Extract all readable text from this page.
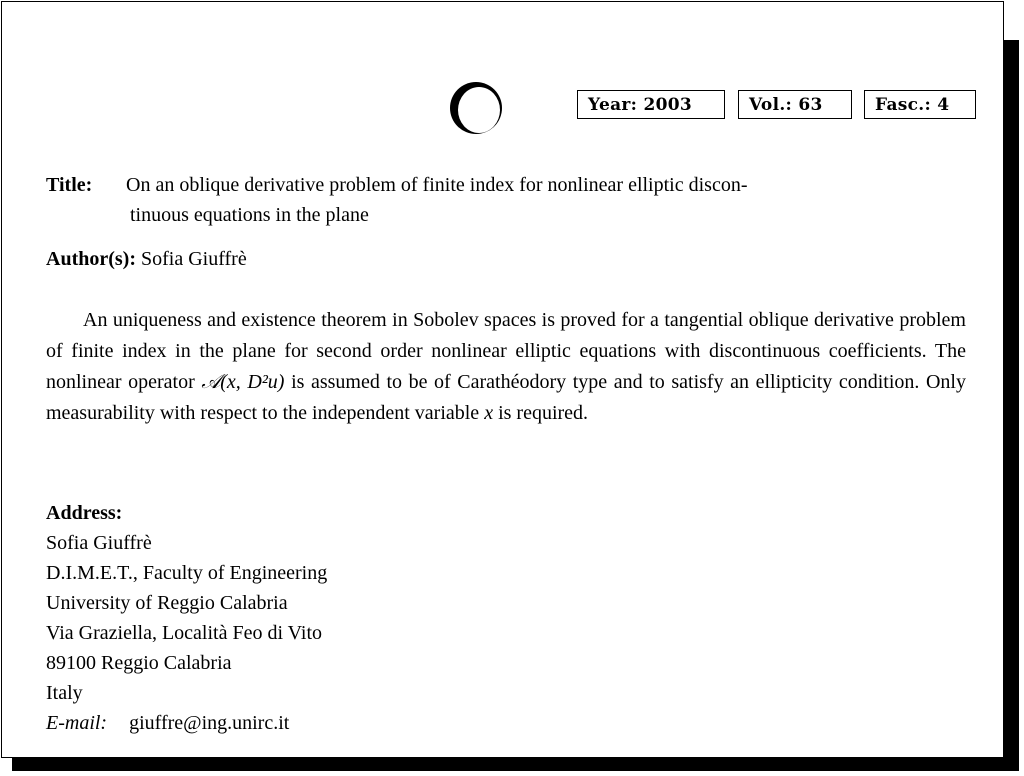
Year: 2003	Vol.: 63	Fasc.: 4
Title: On an oblique derivative problem of finite index for nonlinear elliptic discon-
tinuous equations in the plane
Author(s): Sofia Giuffrè

An uniqueness and existence theorem in Sobolev spaces is proved for a tangential oblique derivative problem of finite index in the plane for second order nonlinear elliptic equations with discontinuous coefficients. The nonlinear operator 𝒜(x, D²u) is assumed to be of Carathéodory type and to satisfy an ellipticity condition. Only measurability with respect to the independent variable x is required.

Address:
Sofia Giuffrè
D.I.M.E.T., Faculty of Engineering
University of Reggio Calabria
Via Graziella, Località Feo di Vito
89100 Reggio Calabria
Italy
E-mail: giuffre@ing.unirc.it
